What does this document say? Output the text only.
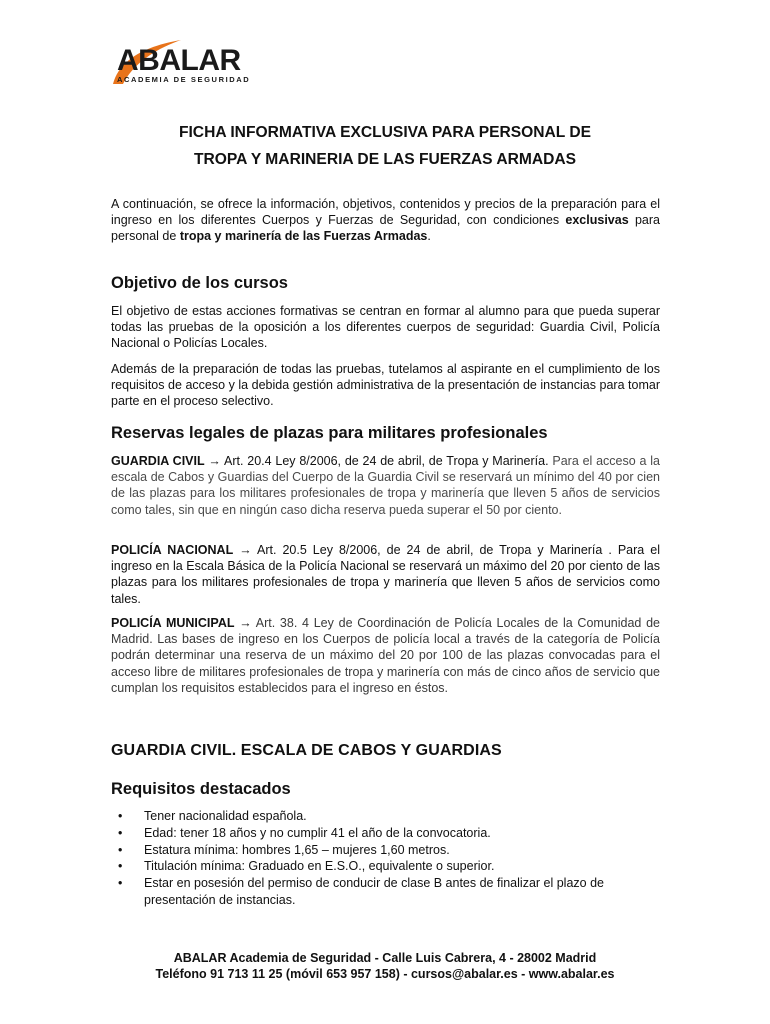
ABALAR
ACADEMIA DE SEGURIDAD
FICHA INFORMATIVA EXCLUSIVA PARA PERSONAL DE
TROPA Y MARINERIA DE LAS FUERZAS ARMADAS

A continuación, se ofrece la información, objetivos, contenidos y precios de la preparación para el ingreso en los diferentes Cuerpos y Fuerzas de Seguridad, con condiciones exclusivas para personal de tropa y marinería de las Fuerzas Armadas.

Objetivo de los cursos

El objetivo de estas acciones formativas se centran en formar al alumno para que pueda superar todas las pruebas de la oposición a los diferentes cuerpos de seguridad: Guardia Civil, Policía Nacional o Policías Locales.

Además de la preparación de todas las pruebas, tutelamos al aspirante en el cumplimiento de los requisitos de acceso y la debida gestión administrativa de la presentación de instancias para tomar parte en el proceso selectivo.

Reservas legales de plazas para militares profesionales

GUARDIA CIVIL → Art. 20.4 Ley 8/2006, de 24 de abril, de Tropa y Marinería. Para el acceso a la escala de Cabos y Guardias del Cuerpo de la Guardia Civil se reservará un mínimo del 40 por cien de las plazas para los militares profesionales de tropa y marinería que lleven 5 años de servicios como tales, sin que en ningún caso dicha reserva pueda superar el 50 por ciento.

POLICÍA NACIONAL → Art. 20.5 Ley 8/2006, de 24 de abril, de Tropa y Marinería . Para el ingreso en la Escala Básica de la Policía Nacional se reservará un máximo del 20 por ciento de las plazas para los militares profesionales de tropa y marinería que lleven 5 años de servicios como tales.

POLICÍA MUNICIPAL → Art. 38. 4 Ley de Coordinación de Policía Locales de la Comunidad de Madrid. Las bases de ingreso en los Cuerpos de policía local a través de la categoría de Policía podrán determinar una reserva de un máximo del 20 por 100 de las plazas convocadas para el acceso libre de militares profesionales de tropa y marinería con más de cinco años de servicio que cumplan los requisitos establecidos para el ingreso en éstos.

GUARDIA CIVIL. ESCALA DE CABOS Y GUARDIAS
Requisitos destacados
• Tener nacionalidad española.
• Edad: tener 18 años y no cumplir 41 el año de la convocatoria.
• Estatura mínima: hombres 1,65 – mujeres 1,60 metros.
• Titulación mínima: Graduado en E.S.O., equivalente o superior.
• Estar en posesión del permiso de conducir de clase B antes de finalizar el plazo de presentación de instancias.

ABALAR Academia de Seguridad - Calle Luis Cabrera, 4 - 28002 Madrid

Teléfono 91 713 11 25 (móvil 653 957 158) - cursos@abalar.es - www.abalar.es
